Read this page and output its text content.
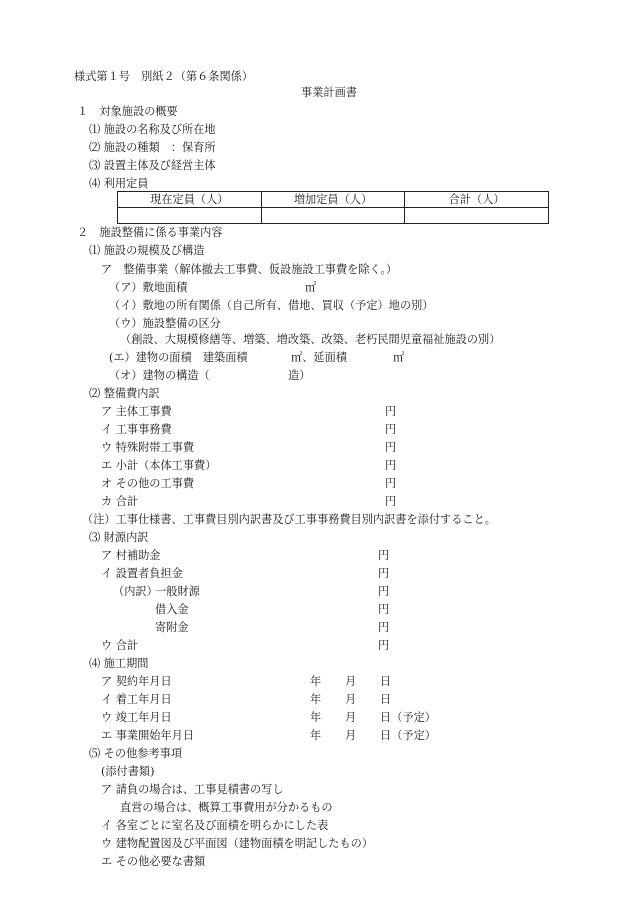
様式第１号　別紙２（第６条関係）
事業計画書
１　対象施設の概要
⑴ 施設の名称及び所在地
⑵ 施設の種類　：保育所
⑶ 設置主体及び経営主体
⑷ 利用定員
現在定員（人）	増加定員（人）	合計（人）

２　施設整備に係る事業内容
⑴ 施設の規模及び構造
ア　整備事業（解体撤去工事費、仮設施設工事費を除く。）
（ア）敷地面積	㎡
（イ）敷地の所有関係（自己所有、借地、買収（予定）地の別）
（ウ）施設整備の区分
（創設、大規模修繕等、増築、増改築、改築、老朽民間児童福祉施設の別）
(エ）建物の面積　建築面積	㎡、延面積	㎡
（オ）建物の構造（	造）
⑵ 整備費内訳
ア 主体工事費	円
イ 工事事務費	円
ウ 特殊附帯工事費	円
エ 小計（本体工事費）	円
オ その他の工事費	円
カ 合計	円
（注）工事仕様書、工事費目別内訳書及び工事事務費目別内訳書を添付すること。
⑶ 財源内訳
ア 村補助金	円
イ 設置者負担金	円
（内訳）
一般財源	円
借入金	円
寄附金	円
ウ 合計	円
⑷ 施工期間
ア 契約年月日	年 月 日
イ 着工年月日	年 月 日
ウ 竣工年月日	年 月 日（予定）
エ 事業開始年月日	年 月 日（予定）
⑸ その他参考事項
(添付書類)
ア 請負の場合は、工事見積書の写し
直営の場合は、概算工事費用が分かるもの
イ 各室ごとに室名及び面積を明らかにした表
ウ 建物配置図及び平面図（建物面積を明記したもの）
エ その他必要な書類
